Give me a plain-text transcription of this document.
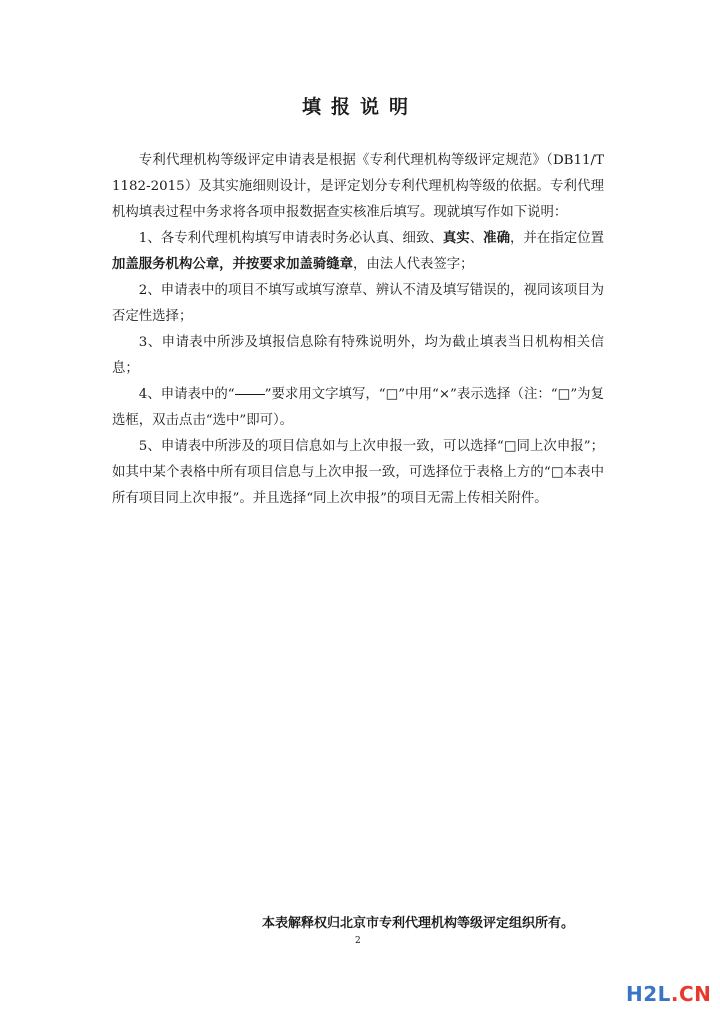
填报说明

专利代理机构等级评定申请表是根据《专利代理机构等级评定规范》（DB11/T 1182-2015）及其实施细则设计，是评定划分专利代理机构等级的依据。专利代理机构填表过程中务求将各项申报数据查实核准后填写。现就填写作如下说明：

1、各专利代理机构填写申请表时务必认真、细致、真实、准确，并在指定位置加盖服务机构公章，并按要求加盖骑缝章，由法人代表签字；

2、申请表中的项目不填写或填写潦草、辨认不清及填写错误的，视同该项目为否定性选择；

3、申请表中所涉及填报信息除有特殊说明外，均为截止填表当日机构相关信息；

4、申请表中的“ ”要求用文字填写，“□”中用“×”表示选择（注：“□”为复选框，双击点击“选中”即可）。

5、申请表中所涉及的项目信息如与上次申报一致，可以选择“□同上次申报”；如其中某个表格中所有项目信息与上次申报一致，可选择位于表格上方的“□本表中所有项目同上次申报”。并且选择“同上次申报”的项目无需上传相关附件。

本表解释权归北京市专利代理机构等级评定组织所有。
2
H2L.CN
